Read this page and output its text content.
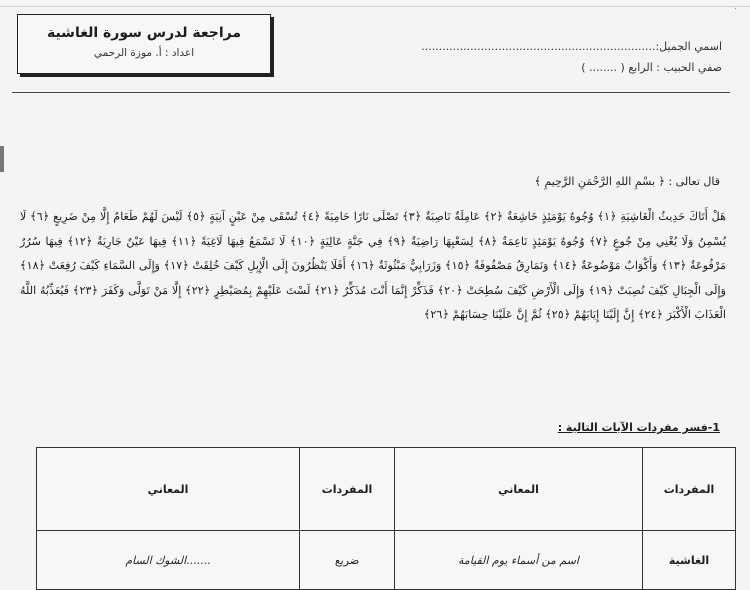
·
مراجعة لدرس سورة الغاشية
اعداد : أ. موزة الرحمي	اسمي الجميل:...................................................................
صفي الحبيب : الرابع ( ........ )
قال تعالى : ﴿ بسْمِ اللهِ الرَّحْمَنِ الرَّحِيمِ ﴾
هَلْ أَتَاكَ حَدِيثُ الْغَاشِيَةِ ﴿١﴾ وُجُوهٌ يَوْمَئِذٍ خَاشِعَةٌ ﴿٢﴾ عَامِلَةٌ نَاصِبَةٌ ﴿٣﴾ تَصْلَى نَارًا حَامِيَةً ﴿٤﴾ تُسْقَى مِنْ عَيْنٍ آنِيَةٍ ﴿٥﴾ لَيْسَ لَهُمْ طَعَامٌ إِلَّا مِنْ ضَرِيعٍ ﴿٦﴾ لَا يُسْمِنُ وَلَا يُغْنِي مِنْ جُوعٍ ﴿٧﴾ وُجُوهٌ يَوْمَئِذٍ نَاعِمَةٌ ﴿٨﴾ لِسَعْيِهَا رَاضِيَةٌ ﴿٩﴾ فِي جَنَّةٍ عَالِيَةٍ ﴿١٠﴾ لَا تَسْمَعُ فِيهَا لَاغِيَةً ﴿١١﴾ فِيهَا عَيْنٌ جَارِيَةٌ ﴿١٢﴾ فِيهَا سُرُرٌ مَرْفُوعَةٌ ﴿١٣﴾ وَأَكْوَابٌ مَوْضُوعَةٌ ﴿١٤﴾ وَنَمَارِقُ مَصْفُوفَةٌ ﴿١٥﴾ وَزَرَابِيُّ مَبْثُوثَةٌ ﴿١٦﴾ أَفَلَا يَنْظُرُونَ إِلَى الْإِبِلِ كَيْفَ خُلِقَتْ ﴿١٧﴾ وَإِلَى السَّمَاءِ كَيْفَ رُفِعَتْ ﴿١٨﴾ وَإِلَى الْجِبَالِ كَيْفَ نُصِبَتْ ﴿١٩﴾ وَإِلَى الْأَرْضِ كَيْفَ سُطِحَتْ ﴿٢٠﴾ فَذَكِّرْ إِنَّمَا أَنْتَ مُذَكِّرٌ ﴿٢١﴾ لَسْتَ عَلَيْهِمْ بِمُصَيْطِرٍ ﴿٢٢﴾ إِلَّا مَنْ تَوَلَّى وَكَفَرَ ﴿٢٣﴾ فَيُعَذِّبُهُ اللَّهُ الْعَذَابَ الْأَكْبَرَ ﴿٢٤﴾ إِنَّ إِلَيْنَا إِيَابَهُمْ ﴿٢٥﴾ ثُمَّ إِنَّ عَلَيْنَا حِسَابَهُمْ ﴿٢٦﴾
1-فسر مفردات الآيات التالية :
المفردات	المعاني	المفردات	المعاني
الغاشية	اسم من أسماء يوم القيامة	ضريع	.......الشوك السام
